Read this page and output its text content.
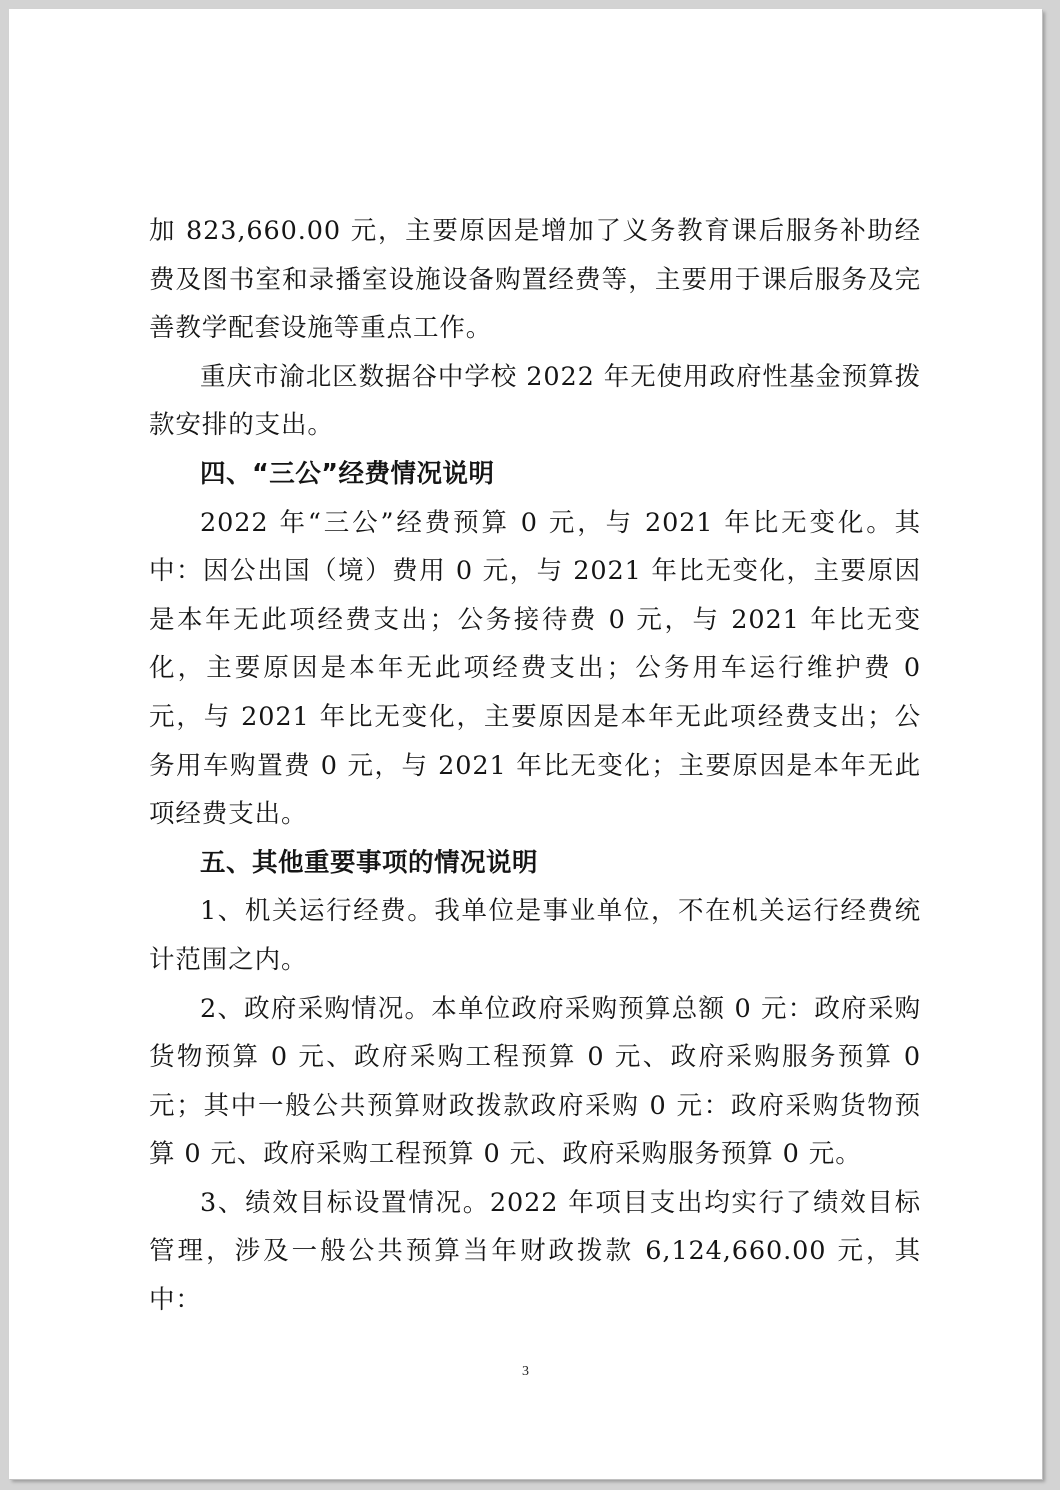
加 823,660.00 元，主要原因是增加了义务教育课后服务补助经费及图书室和录播室设施设备购置经费等，主要用于课后服务及完善教学配套设施等重点工作。

重庆市渝北区数据谷中学校 2022 年无使用政府性基金预算拨款安排的支出。

四、“三公”经费情况说明

2022 年“三公”经费预算 0 元，与 2021 年比无变化。其中：因公出国（境）费用 0 元，与 2021 年比无变化，主要原因是本年无此项经费支出；公务接待费 0 元，与 2021 年比无变化，主要原因是本年无此项经费支出；公务用车运行维护费 0 元，与 2021 年比无变化，主要原因是本年无此项经费支出；公务用车购置费 0 元，与 2021 年比无变化；主要原因是本年无此项经费支出。

五、其他重要事项的情况说明

1、机关运行经费。我单位是事业单位，不在机关运行经费统计范围之内。

2、政府采购情况。本单位政府采购预算总额 0 元：政府采购货物预算 0 元、政府采购工程预算 0 元、政府采购服务预算 0 元；其中一般公共预算财政拨款政府采购 0 元：政府采购货物预算 0 元、政府采购工程预算 0 元、政府采购服务预算 0 元。

3、绩效目标设置情况。2022 年项目支出均实行了绩效目标管理，涉及一般公共预算当年财政拨款 6,124,660.00 元，其中：

3
